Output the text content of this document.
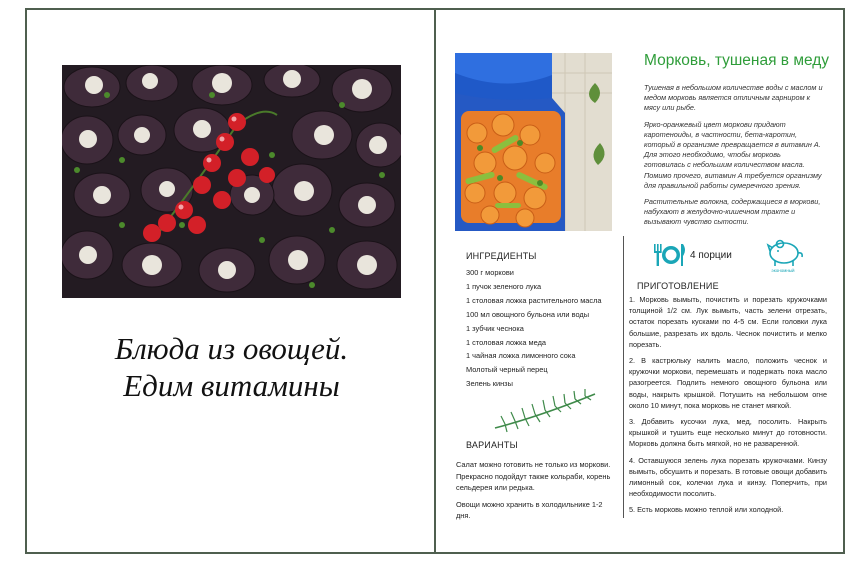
Блюда из овощей.
Едим витамины
Морковь, тушеная в меду

Тушеная в небольшом количестве воды с маслом и медом морковь является отличным гарниром к мясу или рыбе.

Ярко-оранжевый цвет моркови придают каротеноиды, в частности, бета-каротин, который в организме превращается в витамин А. Для этого необходимо, чтобы морковь готовилась с небольшим количеством масла. Помимо прочего, витамин А требуется организму для правильной работы сумеречного зрения.

Растительные волокна, содержащиеся в моркови, набухают в желудочно-кишечном тракте и вызывают чувство сытости.

ИНГРЕДИЕНТЫ
300 г моркови
1 пучок зеленого лука
1 столовая ложка растительного масла
100 мл овощного бульона или воды
1 зубчик чеснока
1 столовая ложка меда
1 чайная ложка лимонного сока
Молотый черный перец
Зелень кинзы
ВАРИАНТЫ

Салат можно готовить не только из моркови. Прекрасно подойдут также кольраби, корень сельдерея или редька.

Овощи можно хранить в холодильнике 1-2 дня.

4 порции
экономный
ПРИГОТОВЛЕНИЕ

1. Морковь вымыть, почистить и порезать кружочками толщиной 1/2 см. Лук вымыть, часть зелени отрезать, остаток порезать кусками по 4-5 см. Если головки лука большие, разрезать их вдоль. Чеснок почистить и мелко порезать.

2. В кастрюльку налить масло, положить чеснок и кружочки моркови, перемешать и подержать пока масло разогреется. Подлить немного овощного бульона или воды, накрыть крышкой. Потушить на небольшом огне около 10 минут, пока морковь не станет мягкой.

3. Добавить кусочки лука, мед, посолить. Накрыть крышкой и тушить еще несколько минут до готовности. Морковь должна быть мягкой, но не разваренной.

4. Оставшуюся зелень лука порезать кружочками. Кинзу вымыть, обсушить и порезать. В готовые овощи добавить лимонный сок, колечки лука и кинзу. Поперчить, при необходимости посолить.

5. Есть морковь можно теплой или холодной.
